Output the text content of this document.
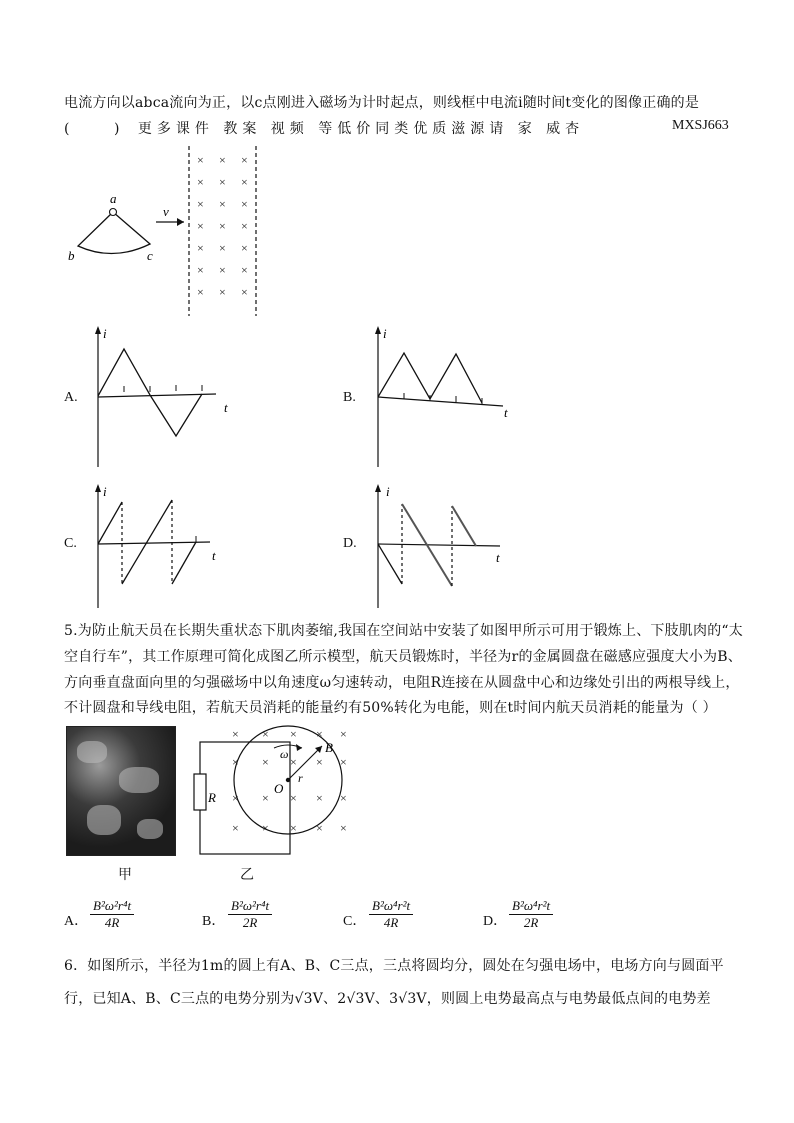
电流方向以abca流向为正，以c点刚进入磁场为计时起点，则线框中电流i随时间t变化的图像正确的是
(          ) 更多课件 教案 视频 等低价同类优质滋源请 家 威杏	MXSJ663
a
b	c
v
×
×
×
×
×
×
×
×
×
×
×
×
×
×
×
×
×
×
×
×
×
A.	B.
C.	D.
i
t
i
t
i
t
i
t
5.为防止航天员在长期失重状态下肌肉萎缩,我国在空间站中安装了如图甲所示可用于锻炼上、下肢肌肉的“太
空自行车”，其工作原理可简化成图乙所示模型，航天员锻炼时，半径为r的金属圆盘在磁感应强度大小为B、
方向垂直盘面向里的匀强磁场中以角速度ω匀速转动，电阻R连接在从圆盘中心和边缘处引出的两根导线上，
不计圆盘和导线电阻，若航天员消耗的能量约有50%转化为电能，则在t时间内航天员消耗的能量为（ ）
甲
×
×
×
×
×
×
×
×
×
×
×
×
×
×
×
×
×
×
×
×
R
ω	B
O
r
乙
A． $\frac{\text{B²ω²r⁴t}}{4R}$	B． $\frac{\text{B²ω²r⁴t}}{2R}$	C． $\frac{\text{B²ω⁴r²t}}{4R}$	D． $\frac{\text{B²ω⁴r²t}}{2R}$
6．如图所示，半径为1m的圆上有A、B、C三点，三点将圆均分，圆处在匀强电场中，电场方向与圆面平
行，已知A、B、C三点的电势分别为√3V、2√3V、3√3V，则圆上电势最高点与电势最低点间的电势差
